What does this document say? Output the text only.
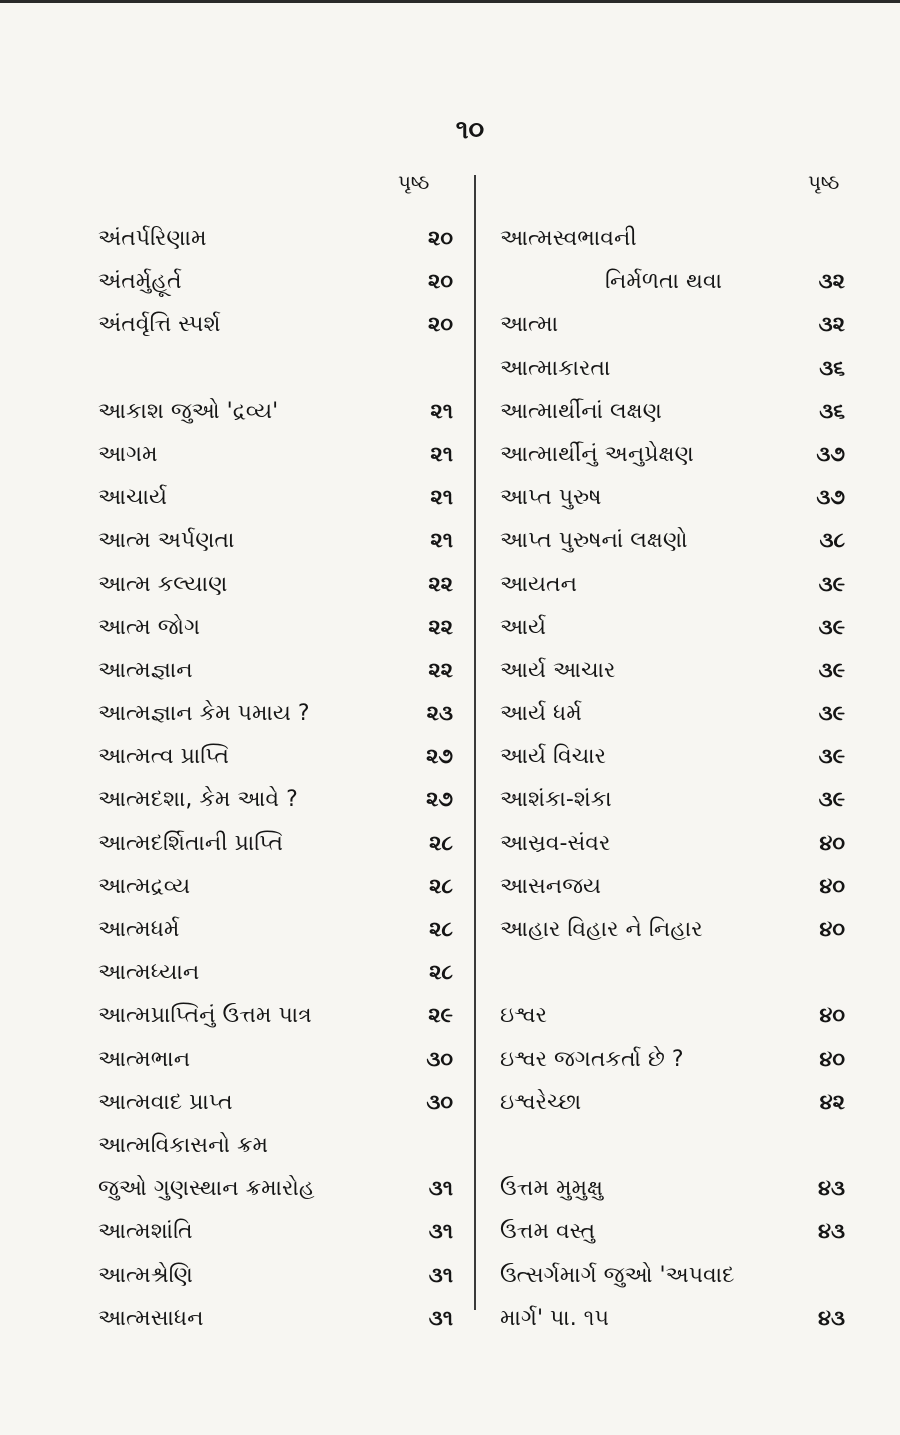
૧૦
પૃષ્ઠ	પૃષ્ઠ
અંતર્પરિણામ	૨૦
અંતર્મુહૂર્ત	૨૦
અંતર્વૃત્તિ સ્પર્શ	૨૦
આકાશ જુઓ 'દ્રવ્ય'	૨૧
આગમ	૨૧
આચાર્ય	૨૧
આત્મ અર્પણતા	૨૧
આત્મ કલ્યાણ	૨૨
આત્મ જોગ	૨૨
આત્મજ્ઞાન	૨૨
આત્મજ્ઞાન કેમ પમાય ?	૨૩
આત્મત્વ પ્રાપ્તિ	૨૭
આત્મદશા, કેમ આવે ?	૨૭
આત્મદર્શિતાની પ્રાપ્તિ	૨૮
આત્મદ્રવ્ય	૨૮
આત્મધર્મ	૨૮
આત્મધ્યાન	૨૮
આત્મપ્રાપ્તિનું ઉત્તમ પાત્ર	૨૯
આત્મભાન	૩૦
આત્મવાદ પ્રાપ્ત	૩૦
આત્મવિકાસનો ક્રમ
જુઓ ગુણસ્થાન ક્રમારોહ	૩૧
આત્મશાંતિ	૩૧
આત્મશ્રેણિ	૩૧
આત્મસાધન	૩૧
આત્મસ્વભાવની
નિર્મળતા થવા	૩૨
આત્મા	૩૨
આત્માકારતા	૩૬
આત્માર્થીનાં લક્ષણ	૩૬
આત્માર્થીનું અનુપ્રેક્ષણ	૩૭
આપ્ત પુરુષ	૩૭
આપ્ત પુરુષનાં લક્ષણો	૩૮
આયતન	૩૯
આર્ય	૩૯
આર્ય આચાર	૩૯
આર્ય ધર્મ	૩૯
આર્ય વિચાર	૩૯
આશંકા-શંકા	૩૯
આસ્રવ-સંવર	૪૦
આસનજય	૪૦
આહાર વિહાર ને નિહાર	૪૦
ઇશ્વર	૪૦
ઇશ્વર જગતકર્તા છે ?	૪૦
ઇશ્વરેચ્છા	૪૨
ઉત્તમ મુમુક્ષુ	૪૩
ઉત્તમ વસ્તુ	૪૩
ઉત્સર્ગમાર્ગ જુઓ 'અપવાદ
માર્ગ' પા. ૧૫	૪૩
